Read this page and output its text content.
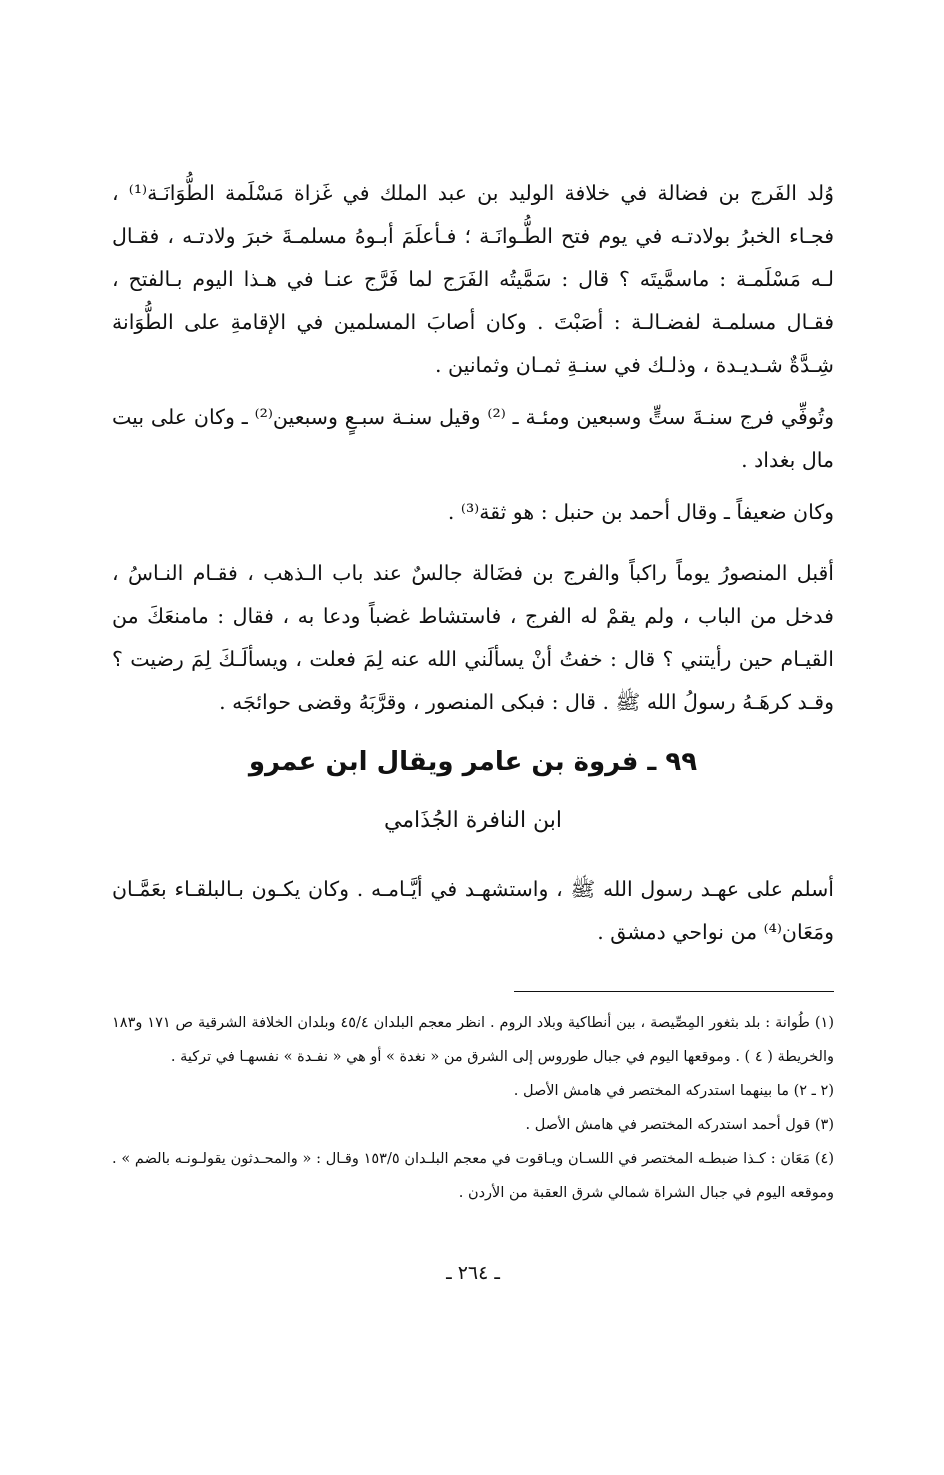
وُلد الفَرج بن فضالة في خلافة الوليد بن عبد الملك في غَزاة مَسْلَمة الطُّوَانَـة⁽¹⁾ ، فجـاء الخبرُ بولادتـه في يوم فتح الطُّـوانَـة ؛ فـأعلَمَ أبـوهُ مسلمـةَ خبرَ ولادتـه ، فقـال لـه مَسْلَمـة : ماسمَّيتَه ؟ قال : سَمَّيتُه الفَرَج لما فَرَّج عنـا في هـذا اليوم بـالفتح ، فقـال مسلمـة لفضـالـة : أصَبْتَ . وكان أصابَ المسلمين في الإقامةِ على الطُّوَانة شِـدَّةٌ شـديـدة ، وذلـك في سنـةِ ثمـان وثمانين .

وتُوفِّي فرج سنـةَ ستٍّ وسبعين ومئـة ـ ⁽²⁾ وقيل سنـة سبـعٍ وسبعين⁽²⁾ ـ وكان على بيت مال بغداد .

وكان ضعيفاً ـ وقال أحمد بن حنبل : هو ثقة⁽³⁾ .

أقبل المنصورُ يوماً راكباً والفرج بن فضَالة جالسٌ عند باب الـذهب ، فقـام النـاسُ ، فدخل من الباب ، ولم يقمْ له الفرج ، فاستشاط غضباً ودعا به ، فقال : مامنعَكَ من القيـام حين رأيتني ؟ قال : خفتُ أنْ يسألَني الله عنه لِمَ فعلت ، ويسألَـكَ لِمَ رضيت ؟ وقـد كرهَـهُ رسولُ الله ﷺ . قال : فبكى المنصور ، وقرَّبَهُ وقضى حوائجَه .

٩٩ ـ فروة بن عامر ويقال ابن عمرو
ابن النافرة الجُذَامي

أسلم على عهـد رسول الله ﷺ ، واستشهـد في أيَّـامـه . وكان يكـون بـالبلقـاء بعَمَّـان ومَعَان⁽⁴⁾ من نواحي دمشق .

(١) طُوانة : بلد بثغور المِصِّيصة ، بين أنطاكية وبلاد الروم . انظر معجم البلدان ٤٥/٤ وبلدان الخلافة الشرقية ص ١٧١ و١٨٣ والخريطة ( ٤ ) . وموقعها اليوم في جبال طوروس إلى الشرق من « نغدة » أو هي « نفـدة » نفسهـا في تركية .

(٢ ـ ٢) ما بينهما استدركه المختصر في هامش الأصل .

(٣) قول أحمد استدركه المختصر في هامش الأصل .

(٤) مَعَان : كـذا ضبطـه المختصر في اللسـان ويـاقوت في معجم البلـدان ١٥٣/٥ وقـال : « والمحـدثون يقولـونـه بالضم » . وموقعه اليوم في جبال الشراة شمالي شرق العقبة من الأردن .

ـ ٢٦٤ ـ
